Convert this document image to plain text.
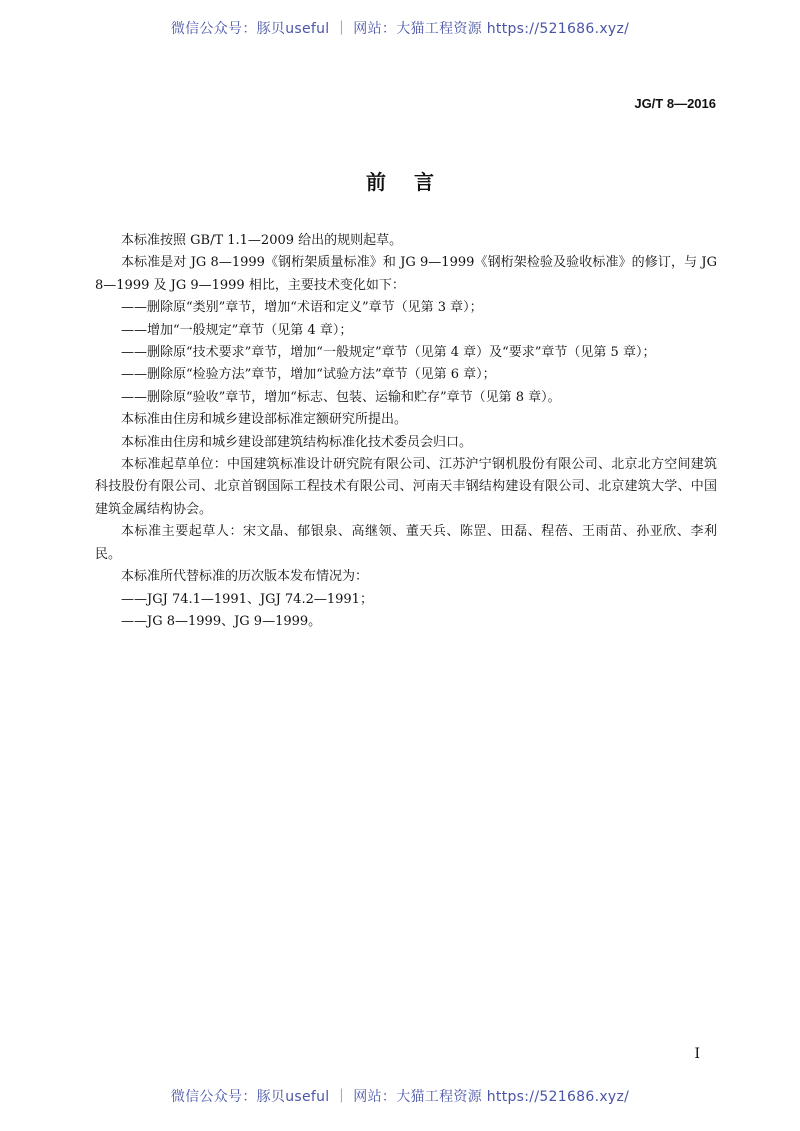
微信公众号：豚贝useful ｜ 网站：大猫工程资源 https://521686.xyz/
JG/T 8—2016
前言

本标准按照 GB/T 1.1—2009 给出的规则起草。

本标准是对 JG 8—1999《钢桁架质量标准》和 JG 9—1999《钢桁架检验及验收标准》的修订，与 JG 8—1999 及 JG 9—1999 相比，主要技术变化如下：

——删除原“类别”章节，增加“术语和定义”章节（见第 3 章）；

——增加“一般规定”章节（见第 4 章）；

——删除原“技术要求”章节，增加“一般规定”章节（见第 4 章）及“要求”章节（见第 5 章）；

——删除原“检验方法”章节，增加“试验方法”章节（见第 6 章）；

——删除原“验收”章节，增加“标志、包装、运输和贮存”章节（见第 8 章）。

本标准由住房和城乡建设部标准定额研究所提出。

本标准由住房和城乡建设部建筑结构标准化技术委员会归口。

本标准起草单位：中国建筑标准设计研究院有限公司、江苏沪宁钢机股份有限公司、北京北方空间建筑科技股份有限公司、北京首钢国际工程技术有限公司、河南天丰钢结构建设有限公司、北京建筑大学、中国建筑金属结构协会。

本标准主要起草人：宋文晶、郁银泉、高继领、董天兵、陈罡、田磊、程蓓、王雨苗、孙亚欣、李利民。

本标准所代替标准的历次版本发布情况为：

——JGJ 74.1—1991、JGJ 74.2—1991；

——JG 8—1999、JG 9—1999。

I
微信公众号：豚贝useful ｜ 网站：大猫工程资源 https://521686.xyz/
